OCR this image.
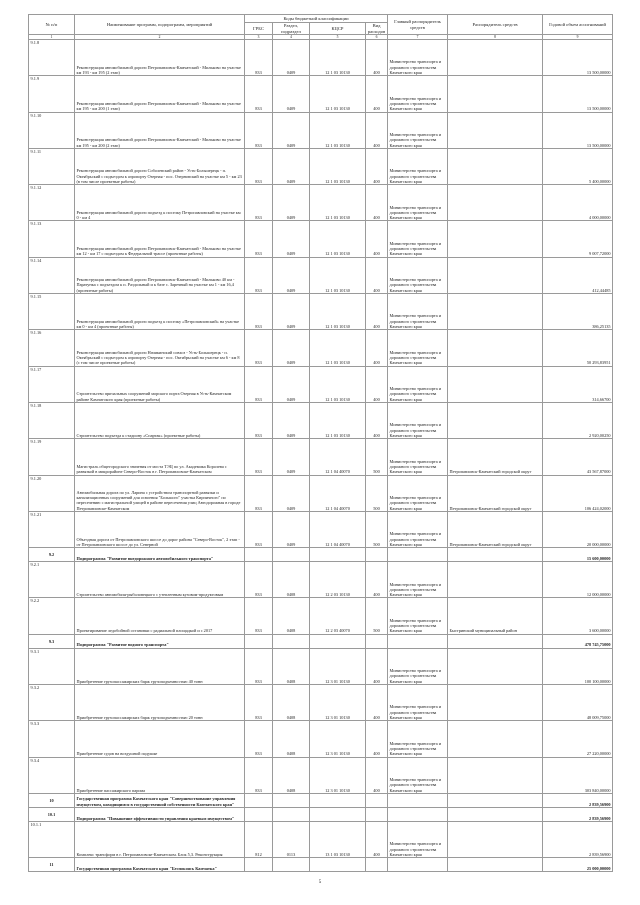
№ п/п	Наименование программ, подпрограмм, мероприятий	Коды бюджетной классификации				Главный распорядитель средств	Распорядитель средств	Годовой объем ассигнований
		ГРБС	Раздел, подраздел	КЦСР	Вид расходов			
1	2	3	4	5	6	7	8	9
9.1.8	Реконструкция автомобильной дороги Петропавловск-Камчатский - Мильково на участке км 193 - км 195 (2 этап)	833	0409	12 1 03 10130	400	Министерство транспорта и дорожного строительства Камчатского края		13 500,00000
9.1.9	Реконструкция автомобильной дороги Петропавловск-Камчатский - Мильково на участке км 195 - км 200 (1 этап)	833	0409	12 1 03 10130	400	Министерство транспорта и дорожного строительства Камчатского края		13 500,00000
9.1.10	Реконструкция автомобильной дороги Петропавловск-Камчатский - Мильково на участке км 195 - км 200 (2 этап)	833	0409	12 1 03 10130	400	Министерство транспорта и дорожного строительства Камчатского края		13 500,00000
9.1.11	Реконструкция автомобильной дороги Соболевский район - Усть-Большерецк - п. Октябрьский с подъездом к аэропорту Озерная - пос. Озерновский на участке км 5 - км 23 (в том числе проектные работы)	833	0409	12 1 03 10130	400	Министерство транспорта и дорожного строительства Камчатского края		5 400,00000
9.1.12	Реконструкция автомобильной дороги подъезд к поселку Петропавловский на участке км 0 - км 4	833	0409	12 1 03 10130	400	Министерство транспорта и дорожного строительства Камчатского края		4 000,00000
9.1.13	Реконструкция автомобильной дороги Петропавловск-Камчатский - Мильково на участке км 12 - км 17 с подъездом к Федеральной трассе (проектные работы)	833	0409	12 1 03 10130	400	Министерство транспорта и дорожного строительства Камчатского края		9 007,72000
9.1.14	Реконструкция автомобильной дороги Петропавловск-Камчатский - Мильково 40 км - Паратунка с подъездом к п. Раздольный и к базе с. Заречный на участке км 1 - км 16,4 (проектные работы)	833	0409	12 1 03 10130	400	Министерство транспорта и дорожного строительства Камчатского края		412,44485
9.1.15	Реконструкция автомобильной дороги подъезд к поселку «Петропавловский» на участке км 0 - км 4 (проектные работы)	833	0409	12 1 03 10130	400	Министерство транспорта и дорожного строительства Камчатского края		386,25135
9.1.16	Реконструкция автомобильной дороги Начикинский совхоз - Усть-Большерецк - п. Октябрьский с подъездом к аэропорту Озерная - пос. Октябрьский на участке км 6 - км 8 (с том числе проектные работы)	833	0409	12 1 03 10130	400	Министерство транспорта и дорожного строительства Камчатского края		50 293,83951
9.1.17	Строительство причальных сооружений морского порта Озерная в Усть-Камчатском районе Камчатского края (проектные работы)	833	0409	12 1 03 10130	400	Министерство транспорта и дорожного строительства Камчатского края		314,66700
9.1.18	Строительство подъезда к стадиону «Спартак» (проектные работы)	833	0409	12 1 03 10130	400	Министерство транспорта и дорожного строительства Камчатского края		2 920,00250
9.1.19	Магистраль общегородского значения от моста ТЭЦ по ул. Академика Королева с развязкой в микрорайоне Северо-Восток в г. Петропавловске-Камчатском	833	0409	12 1 04 40070	500	Министерство транспорта и дорожного строительства Камчатского края	Петропавловск-Камчатский городской округ	43 567,87000
9.1.20	Автомобильная дорога по ул. Ларина с устройством транспортной развязки и канализационных сооружений для освоения "Большого" участка Кирпичного" по пересечению с магистральной улицей в районе пересечения улиц Автодорожная в городе Петропавловске-Камчатском	833	0409	12 1 04 40070	500	Министерство транспорта и дорожного строительства Камчатского края	Петропавловск-Камчатский городской округ	106 424,02000
9.1.21	Объездная дорога от Петропавловского шоссе до дорог района "Северо-Восток", 2 этап - от Петропавловского шоссе до ул. Северной	833	0409	12 1 04 40070	500	Министерство транспорта и дорожного строительства Камчатского края	Петропавловск-Камчатский городской округ	20 000,00000
9.2	Подпрограмма "Развитие внедорожного автомобильного транспорта"							15 600,00000
9.2.1	Строительство автомобиля-рыболовецкого с утепленным кузовом-продуктовым	833	0408	12 2 03 10130	400	Министерство транспорта и дорожного строительства Камчатского края		12 000,00000
9.2.2	Проектирование ледобойной остановки с радиальной площадкой и с 2017	833	0408	12 2 03 40070	500	Министерство транспорта и дорожного строительства Камчатского края	Быстринский муниципальный район	3 600,00000
9.3	Подпрограмма "Развитие водного транспорта"							478 745,75000
9.3.1	Приобретение грузопассажирских барж грузоподъемностью 40 тонн	833	0408	12 3 01 10130	400	Министерство транспорта и дорожного строительства Камчатского края		100 100,00000
9.3.2	Приобретение грузопассажирских барж грузоподъемностью 20 тонн	833	0408	12 3 01 10130	400	Министерство транспорта и дорожного строительства Камчатского края		48 009,75000
9.3.3	Приобретение судов на воздушной подушке	833	0408	12 3 01 10130	400	Министерство транспорта и дорожного строительства Камчатского края		27 220,00000
9.3.4	Приобретение пассажирского парома	833	0408	12 3 01 10130	400	Министерство транспорта и дорожного строительства Камчатского края		303 840,00000
10	Государственная программа Камчатского края "Совершенствование управления имуществом, находящимся в государственной собственности Камчатского края"							2 839,56900
10.1	Подпрограмма "Повышение эффективности управления краевым имуществом"							2 839,56900
10.1.1	Комплекс трансформ в г. Петропавловске-Камчатском. Блок 5,3. Реконструкция	812	0113	13 1 03 10130	400	Министерство транспорта и дорожного строительства Камчатского края		2 839,56900
11	Государственная программа Камчатского края "Беспокоясь Камчатка"							25 000,00000
5
